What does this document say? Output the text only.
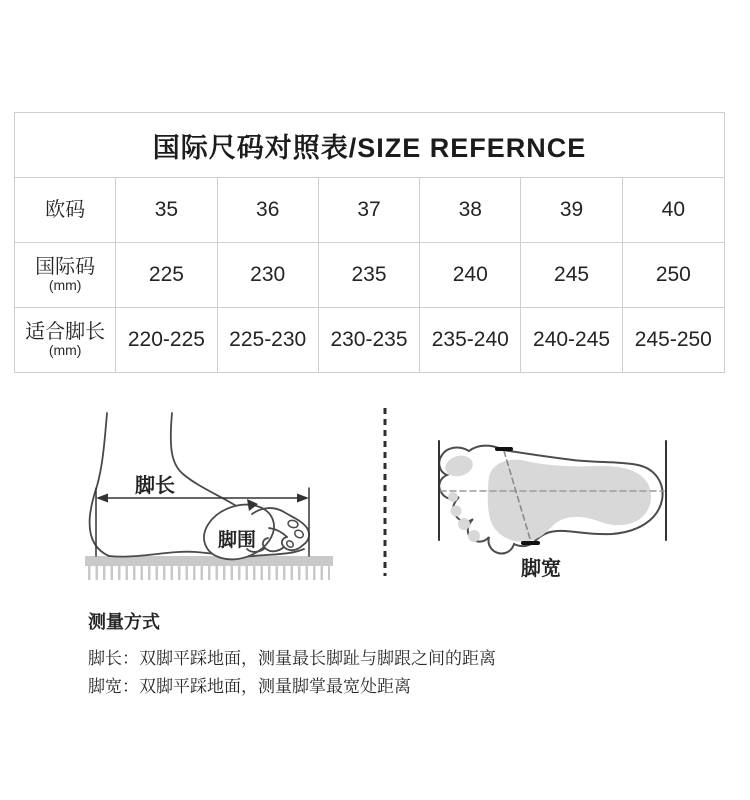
国际尺码对照表/SIZE REFERNCE
欧码	35	36	37	38	39	40
国际码
(mm)	225	230	235	240	245	250
适合脚长
(mm)	220-225	225-230	230-235	235-240	240-245	245-250
脚长
脚围
脚宽
测量方式

脚长：双脚平踩地面，测量最长脚趾与脚跟之间的距离

脚宽：双脚平踩地面，测量脚掌最宽处距离
